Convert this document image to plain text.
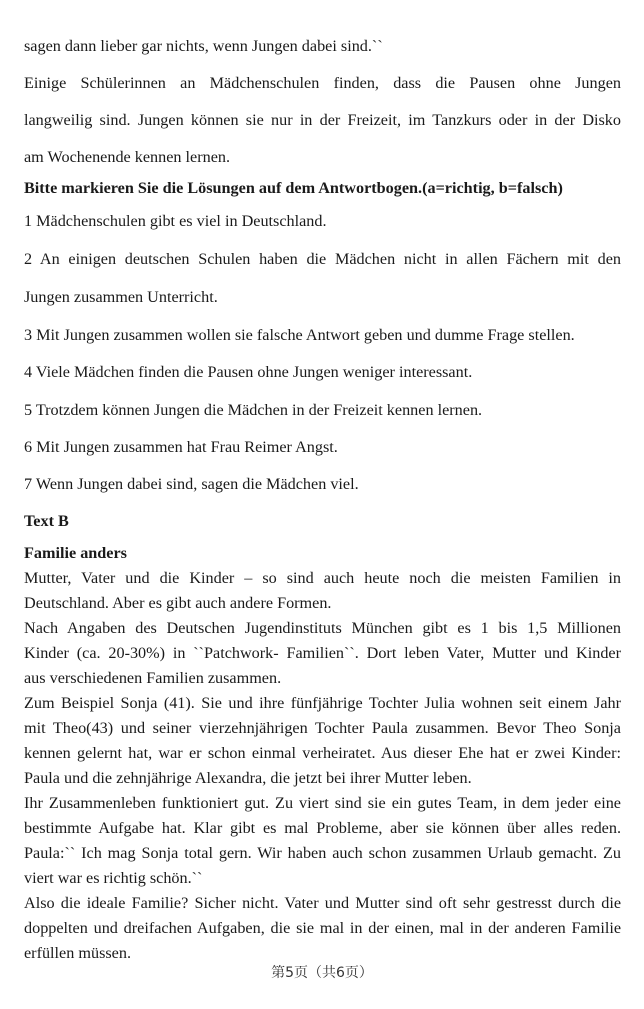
sagen dann lieber gar nichts, wenn Jungen dabei sind.``
Einige Schülerinnen an Mädchenschulen finden, dass die Pausen ohne Jungen
langweilig sind. Jungen können sie nur in der Freizeit, im Tanzkurs oder in der Disko
am Wochenende kennen lernen.
Bitte markieren Sie die Lösungen auf dem Antwortbogen.(a=richtig, b=falsch)
1 Mädchenschulen gibt es viel in Deutschland.
2 An einigen deutschen Schulen haben die Mädchen nicht in allen Fächern mit den
Jungen zusammen Unterricht.
3 Mit Jungen zusammen wollen sie falsche Antwort geben und dumme Frage stellen.
4 Viele Mädchen finden die Pausen ohne Jungen weniger interessant.
5 Trotzdem können Jungen die Mädchen in der Freizeit kennen lernen.
6 Mit Jungen zusammen hat Frau Reimer Angst.
7 Wenn Jungen dabei sind, sagen die Mädchen viel.
Text B
Familie anders
Mutter, Vater und die Kinder – so sind auch heute noch die meisten Familien in
Deutschland. Aber es gibt auch andere Formen.
Nach Angaben des Deutschen Jugendinstituts München gibt es 1 bis 1,5 Millionen
Kinder (ca. 20-30%) in ``Patchwork- Familien``. Dort leben Vater, Mutter und Kinder
aus verschiedenen Familien zusammen.
Zum Beispiel Sonja (41). Sie und ihre fünfjährige Tochter Julia wohnen seit einem Jahr
mit Theo(43) und seiner vierzehnjährigen Tochter Paula zusammen. Bevor Theo Sonja
kennen gelernt hat, war er schon einmal verheiratet. Aus dieser Ehe hat er zwei Kinder:
Paula und die zehnjährige Alexandra, die jetzt bei ihrer Mutter leben.
Ihr Zusammenleben funktioniert gut. Zu viert sind sie ein gutes Team, in dem jeder eine
bestimmte Aufgabe hat. Klar gibt es mal Probleme, aber sie können über alles reden.
Paula:`` Ich mag Sonja total gern. Wir haben auch schon zusammen Urlaub gemacht. Zu
viert war es richtig schön.``
Also die ideale Familie? Sicher nicht. Vater und Mutter sind oft sehr gestresst durch die
doppelten und dreifachen Aufgaben, die sie mal in der einen, mal in der anderen Familie
erfüllen müssen.
第5页（共6页）
